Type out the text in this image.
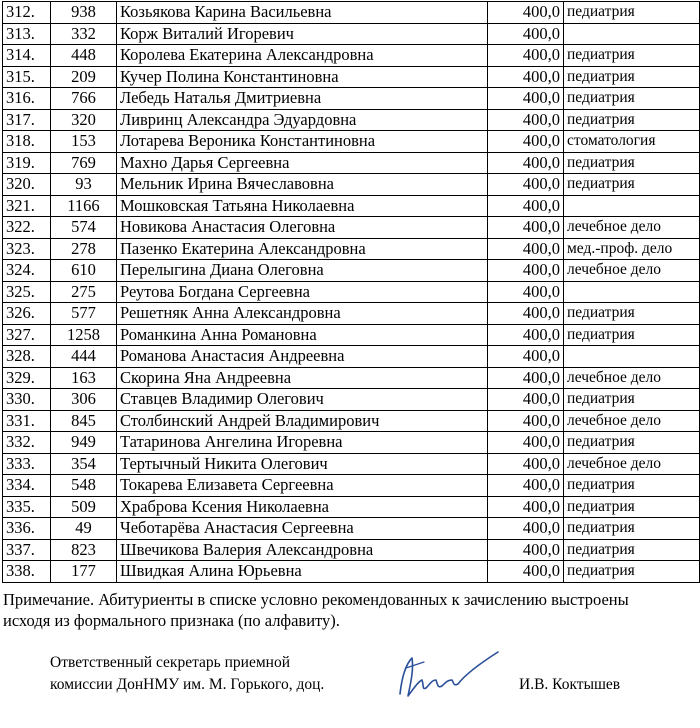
312.	938	Козьякова Карина Васильевна	400,0	педиатрия
313.	332	Корж Виталий Игоревич	400,0	
314.	448	Королева Екатерина Александровна	400,0	педиатрия
315.	209	Кучер Полина Константиновна	400,0	педиатрия
316.	766	Лебедь Наталья Дмитриевна	400,0	педиатрия
317.	320	Ливринц Александра Эдуардовна	400,0	педиатрия
318.	153	Лотарева Вероника Константиновна	400,0	стоматология
319.	769	Махно Дарья Сергеевна	400,0	педиатрия
320.	93	Мельник Ирина Вячеславовна	400,0	педиатрия
321.	1166	Мошковская Татьяна Николаевна	400,0	
322.	574	Новикова Анастасия Олеговна	400,0	лечебное дело
323.	278	Пазенко Екатерина Александровна	400,0	мед.-проф. дело
324.	610	Перелыгина Диана Олеговна	400,0	лечебное дело
325.	275	Реутова Богдана Сергеевна	400,0	
326.	577	Решетняк Анна Александровна	400,0	педиатрия
327.	1258	Романкина Анна Романовна	400,0	педиатрия
328.	444	Романова Анастасия Андреевна	400,0	
329.	163	Скорина Яна Андреевна	400,0	лечебное дело
330.	306	Ставцев Владимир Олегович	400,0	педиатрия
331.	845	Столбинский Андрей Владимирович	400,0	лечебное дело
332.	949	Татаринова Ангелина Игоревна	400,0	педиатрия
333.	354	Тертычный Никита Олегович	400,0	лечебное дело
334.	548	Токарева Елизавета Сергеевна	400,0	педиатрия
335.	509	Храброва Ксения Николаевна	400,0	педиатрия
336.	49	Чеботарёва Анастасия Сергеевна	400,0	педиатрия
337.	823	Швечикова Валерия Александровна	400,0	педиатрия
338.	177	Швидкая Алина Юрьевна	400,0	педиатрия
Примечание. Абитуриенты в списке условно рекомендованных к зачислению выстроены
исходя из формального признака (по алфавиту).
Ответственный секретарь приемной
комиссии ДонНМУ им. М. Горького, доц.	И.В. Коктышев
